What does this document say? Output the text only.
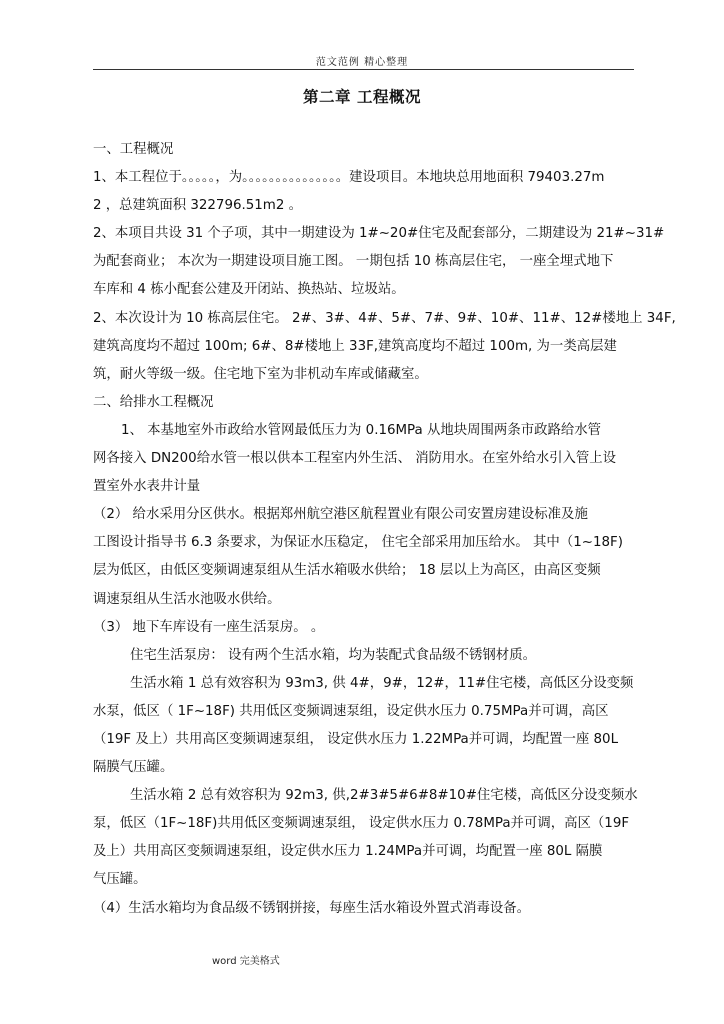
范文范例 精心整理
第二章 工程概况
一、工程概况
1、本工程位于。。。。。，为。。。。。。。。。。。。。。。建设项目。本地块总用地面积 79403.27m
2 ，总建筑面积 322796.51m2 。
2、本项目共设 31 个子项，其中一期建设为 1#~20#住宅及配套部分，二期建设为 21#~31#
为配套商业； 本次为一期建设项目施工图。 一期包括 10 栋高层住宅， 一座全埋式地下
车库和 4 栋小配套公建及开闭站、换热站、垃圾站。
2、本次设计为 10 栋高层住宅。 2#、3#、4#、5#、7#、9#、10#、11#、12#楼地上 34F,
建筑高度均不超过 100m; 6#、8#楼地上 33F,建筑高度均不超过 100m, 为一类高层建
筑，耐火等级一级。住宅地下室为非机动车库或储藏室。
二、给排水工程概况
1、 本基地室外市政给水管网最低压力为 0.16MPa 从地块周围两条市政路给水管
网各接入 DN200给水管一根以供本工程室内外生活、 消防用水。在室外给水引入管上设
置室外水表井计量
（2） 给水采用分区供水。根据郑州航空港区航程置业有限公司安置房建设标准及施
工图设计指导书 6.3 条要求，为保证水压稳定， 住宅全部采用加压给水。 其中（1~18F)
层为低区，由低区变频调速泵组从生活水箱吸水供给； 18 层以上为高区，由高区变频
调速泵组从生活水池吸水供给。
（3） 地下车库设有一座生活泵房。 。
住宅生活泵房： 设有两个生活水箱，均为装配式食品级不锈钢材质。
生活水箱 1 总有效容积为 93m3, 供 4#，9#，12#，11#住宅楼，高低区分设变频
水泵，低区（ 1F~18F) 共用低区变频调速泵组，设定供水压力 0.75MPa并可调，高区
（19F 及上）共用高区变频调速泵组， 设定供水压力 1.22MPa并可调，均配置一座 80L
隔膜气压罐。
生活水箱 2 总有效容积为 92m3, 供,2#3#5#6#8#10#住宅楼，高低区分设变频水
泵，低区（1F~18F)共用低区变频调速泵组， 设定供水压力 0.78MPa并可调，高区（19F
及上）共用高区变频调速泵组，设定供水压力 1.24MPa并可调，均配置一座 80L 隔膜
气压罐。
（4）生活水箱均为食品级不锈钢拼接，每座生活水箱设外置式消毒设备。
word 完美格式
